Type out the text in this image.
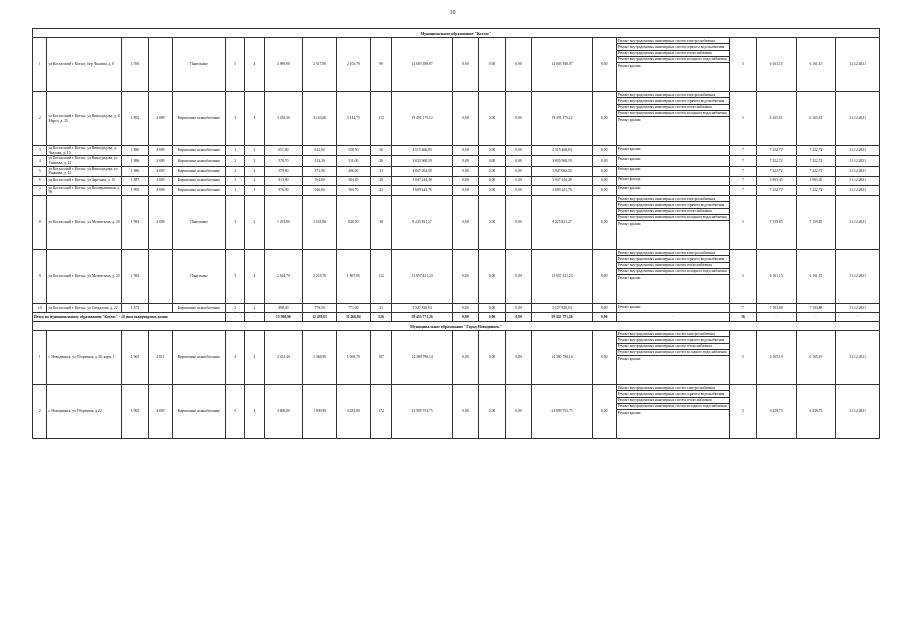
10
Муниципальное образование "Котлас"																					
1	ул Котласский г. Котлас, пер Чкалова, д. 8	1 956		Панельные	5	4	2 989,90	2 317,80	2 105,70	96	14 603 188,07	0,00	0,00	0,00	14 603 188,07	0,00	Ремонт внутридомовых инженерных систем электроснабжения
Ремонт внутридомовых инженерных систем горячего водоснабжения
Ремонт внутридомовых инженерных систем теплоснабжения
Ремонт внутридомовых инженерных систем холодного водоснабжения
Ремонт крыши	5	6 161,15	6 161,15	31.12.2021
2	ул Котласский г. Котлас, ул Виноградова, д. 8 Марта, д. 35	1 892	2 009	Кирпичные шлакоблочные	5	4	3 416,30	3 163,60	3 142,75	113	19 491 175,12	0,00	0,00	0,00	19 491 175,12	0,00	Ремонт внутридомовых инженерных систем электроснабжения
Ремонт внутридомовых инженерных систем горячего водоснабжения
Ремонт внутридомовых инженерных систем теплоснабжения
Ремонт внутридомовых инженерных систем холодного водоснабжения
Ремонт крыши	5	6 165,01	6 165,01	31.12.2021
3	ул Котласский г. Котлас, ул Виноградова, д. Чкалова, д. 13	1 886	2 009	Кирпичные шлакоблочные	2	2	651,90	621,90	558,30	26	4 515 466,83	0,00	0,00	0,00	4 515 466,83	0,00	Ремонт крыши	7	7 252,72	7 322,72	31.12.2021
4	ул Котласский г. Котлас, ул Виноградова, ул Ушакова, д. 12	1 886	2 009	Кирпичные шлакоблочные	2	2	578,70	513,30	511,00	28	3 835 968,59	0,00	0,00	0,00	3 835 968,59	0,00	Ремонт крыши	7	7 322,72	7 322,72	31.12.2021
5	ул Котласский г. Котлас, ул Виноградова, ул Ушакова, д. 12	1 886	2 009	Кирпичные шлакоблочные	2	2	578,60	571,90	496,00	33	3 847 062,50	0,00	0,00	0,00	3 847 062,50	0,00	Ремонт крыши	7	7 322,72	7 322,72	31.12.2021
6	ул Котласский г. Котлас, ул Заречная, д. 15	1 887	2 009	Кирпичные шлакоблочные	2	2	813,80	764,80	584,85	28	3 047 244,49	0,00	0,00	0,00	3 047 244,49	0,00	Ремонт фасада	7	3 985,45	3 985,45	31.12.2021
7	ул Котласский г. Котлас, ул Кооперативная, д. 96	1 995	2 008	Кирпичные шлакоблочные	2	1	976,90	946,80	380,70	25	3 609 241,76	0,00	0,00	0,00	3 609 241,76	0,00	Ремонт крыши	7	7 252,72	7 322,72	31.12.2021
8	ул Котласский г. Котлас, ул Мелентьева, д. 30	1 983	2 008	Панельные	5	2	1 293,80	1 541,80	948,50	38	8 225 821,27	0,00	0,00	0,00	8 225 821,27	0,00	Ремонт внутридомовых инженерных систем электроснабжения
Ремонт внутридомовых инженерных систем горячего водоснабжения
Ремонт внутридомовых инженерных систем теплоснабжения
Ремонт внутридомовых инженерных систем холодного водоснабжения
Ремонт крыши	5	7 159,85	7 159,85	31.12.2021
9	ул Котласский г. Котлас, ул Мелентьева, д. 25	1 984		Панельные	5	4	2 164,70	2 218,76	1 867,85	112	13 657 421,23	0,00	0,00	0,00	13 657 421,23	0,00	Ремонт внутридомовых инженерных систем электроснабжения
Ремонт внутридомовых инженерных систем горячего водоснабжения
Ремонт внутридомовых инженерных систем теплоснабжения
Ремонт внутридомовых инженерных систем холодного водоснабжения
Ремонт крыши	5	6 161,15	6 161,15	31.12.2021
10	ул Котласский г. Котлас, ул Свердлова, д. 22	1 872		Кирпичные шлакоблочные	2	2	898,30	778,50	771,00	31	5 527 828,03	0,00	0,00	0,00	5 527 828,03	0,00	Ремонт крыши	7	7 103,88	7 103,88	31.12.2021
Итого по муниципальному образованию "Котлас" - 10 многоквартирных домов:					-	-	15 960,96	12 458,01	11 266,84	526	59 455 771,26	0,00	0,00	0,00	59 455 771,26	0,00	-	36	-	-	-
Муниципальное образование "Город Новодвинск"																					
1	г. Новодвинск, ул Уборевича, д 28, корп. 1	1 965	2 011	Кирпичные шлакоблочные	4	4	3 452,40	1 368,96	1 068,70	187	14 380 798,14	0,00	0,00	0,00	14 380 798,14	0,00	Ремонт внутридомовых инженерных систем электроснабжения
Ремонт внутридомовых инженерных систем горячего водоснабжения
Ремонт внутридомовых инженерных систем теплоснабжения
Ремонт внутридомовых инженерных систем холодного водоснабжения
Ремонт крыши	5	6 165,19	6 165,19	31.12.2021
2	г. Новодвинск, ул Уборевича, д 22	1 965	2 009	Кирпичные шлакоблочные	5	4	3 608,00	1 909,98	3 285,00	172	21 909 753,75	0,00	0,00	0,00	21 909 753,75	0,00	Ремонт внутридомовых инженерных систем электроснабжения
Ремонт внутридомовых инженерных систем горячего водоснабжения
Ремонт внутридомовых инженерных систем теплоснабжения
Ремонт внутридомовых инженерных систем холодного водоснабжения
Ремонт крыши	5	6 238,73	6 238,73	31.12.2021
